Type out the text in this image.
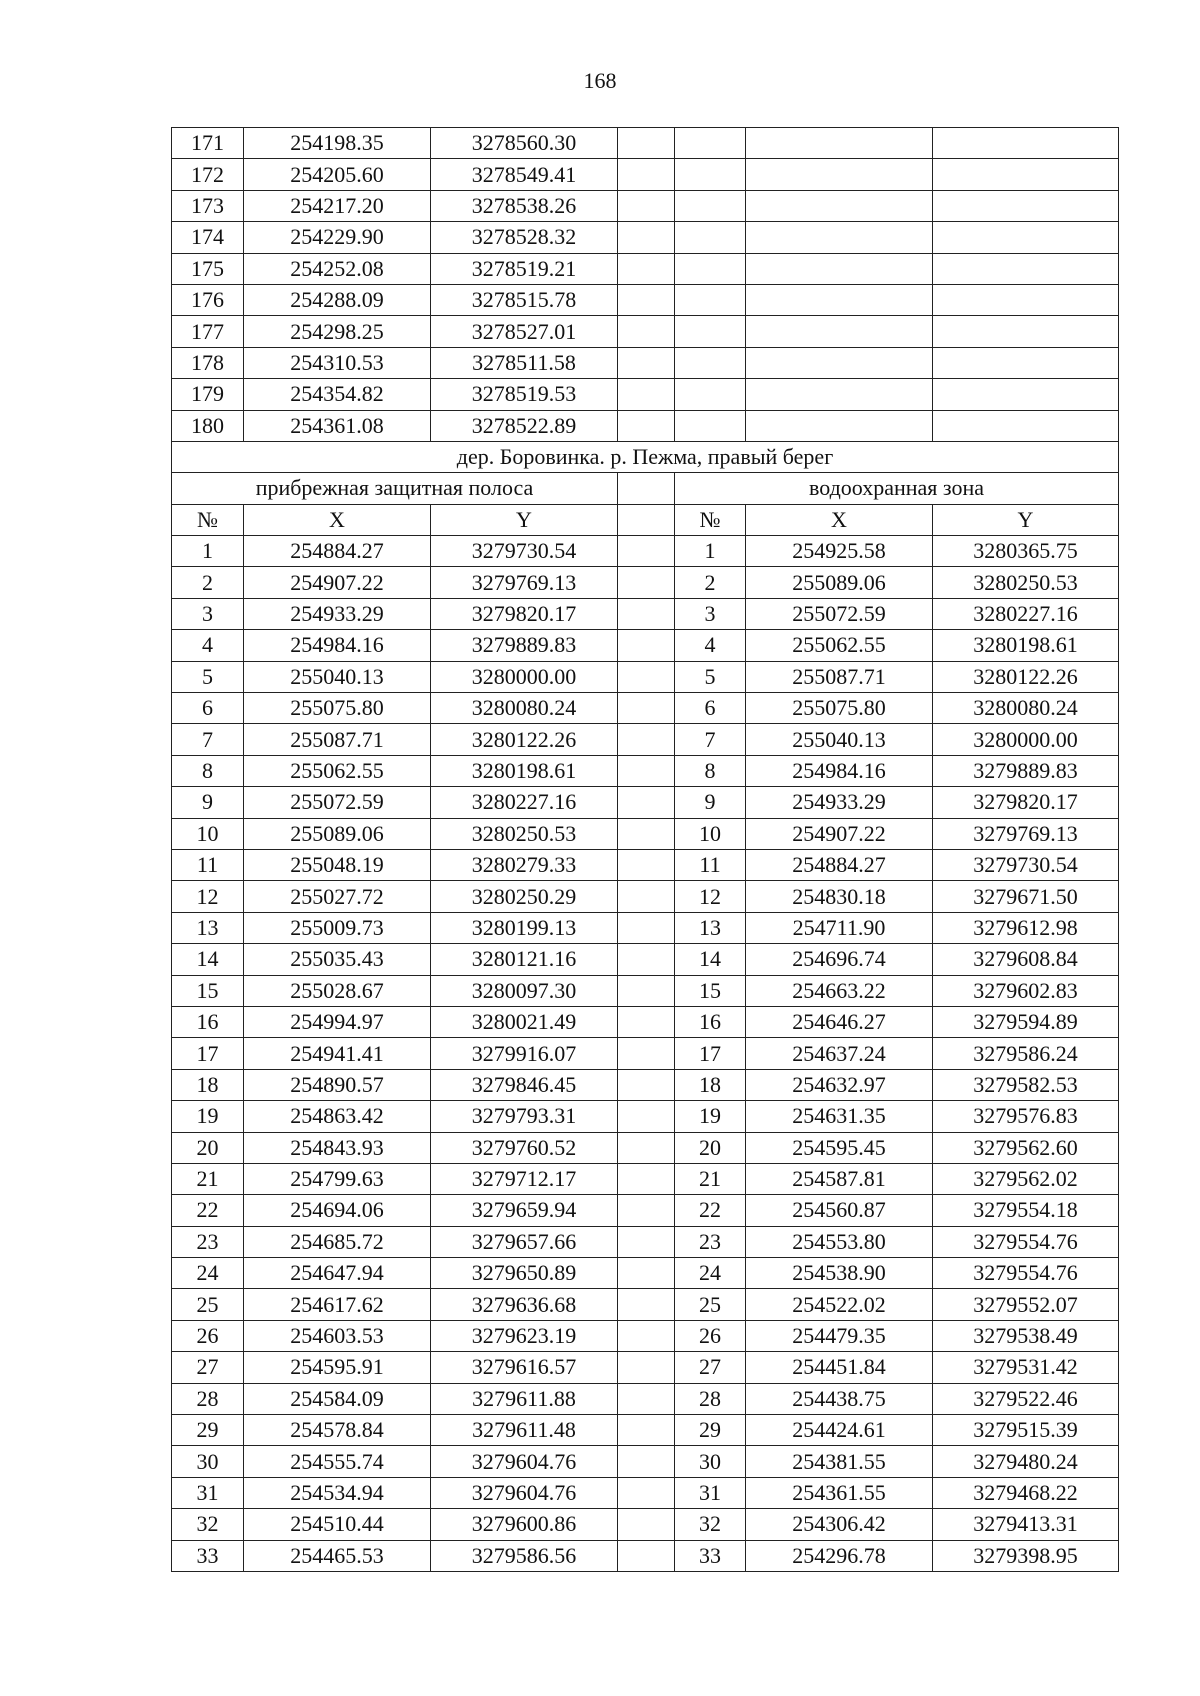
168
171	254198.35	3278560.30				
172	254205.60	3278549.41				
173	254217.20	3278538.26				
174	254229.90	3278528.32				
175	254252.08	3278519.21				
176	254288.09	3278515.78				
177	254298.25	3278527.01				
178	254310.53	3278511.58				
179	254354.82	3278519.53				
180	254361.08	3278522.89				
дер. Боровинка. р. Пежма, правый берег						
прибрежная защитная полоса				водоохранная зона		
№	X	Y		№	X	Y
1	254884.27	3279730.54		1	254925.58	3280365.75
2	254907.22	3279769.13		2	255089.06	3280250.53
3	254933.29	3279820.17		3	255072.59	3280227.16
4	254984.16	3279889.83		4	255062.55	3280198.61
5	255040.13	3280000.00		5	255087.71	3280122.26
6	255075.80	3280080.24		6	255075.80	3280080.24
7	255087.71	3280122.26		7	255040.13	3280000.00
8	255062.55	3280198.61		8	254984.16	3279889.83
9	255072.59	3280227.16		9	254933.29	3279820.17
10	255089.06	3280250.53		10	254907.22	3279769.13
11	255048.19	3280279.33		11	254884.27	3279730.54
12	255027.72	3280250.29		12	254830.18	3279671.50
13	255009.73	3280199.13		13	254711.90	3279612.98
14	255035.43	3280121.16		14	254696.74	3279608.84
15	255028.67	3280097.30		15	254663.22	3279602.83
16	254994.97	3280021.49		16	254646.27	3279594.89
17	254941.41	3279916.07		17	254637.24	3279586.24
18	254890.57	3279846.45		18	254632.97	3279582.53
19	254863.42	3279793.31		19	254631.35	3279576.83
20	254843.93	3279760.52		20	254595.45	3279562.60
21	254799.63	3279712.17		21	254587.81	3279562.02
22	254694.06	3279659.94		22	254560.87	3279554.18
23	254685.72	3279657.66		23	254553.80	3279554.76
24	254647.94	3279650.89		24	254538.90	3279554.76
25	254617.62	3279636.68		25	254522.02	3279552.07
26	254603.53	3279623.19		26	254479.35	3279538.49
27	254595.91	3279616.57		27	254451.84	3279531.42
28	254584.09	3279611.88		28	254438.75	3279522.46
29	254578.84	3279611.48		29	254424.61	3279515.39
30	254555.74	3279604.76		30	254381.55	3279480.24
31	254534.94	3279604.76		31	254361.55	3279468.22
32	254510.44	3279600.86		32	254306.42	3279413.31
33	254465.53	3279586.56		33	254296.78	3279398.95
